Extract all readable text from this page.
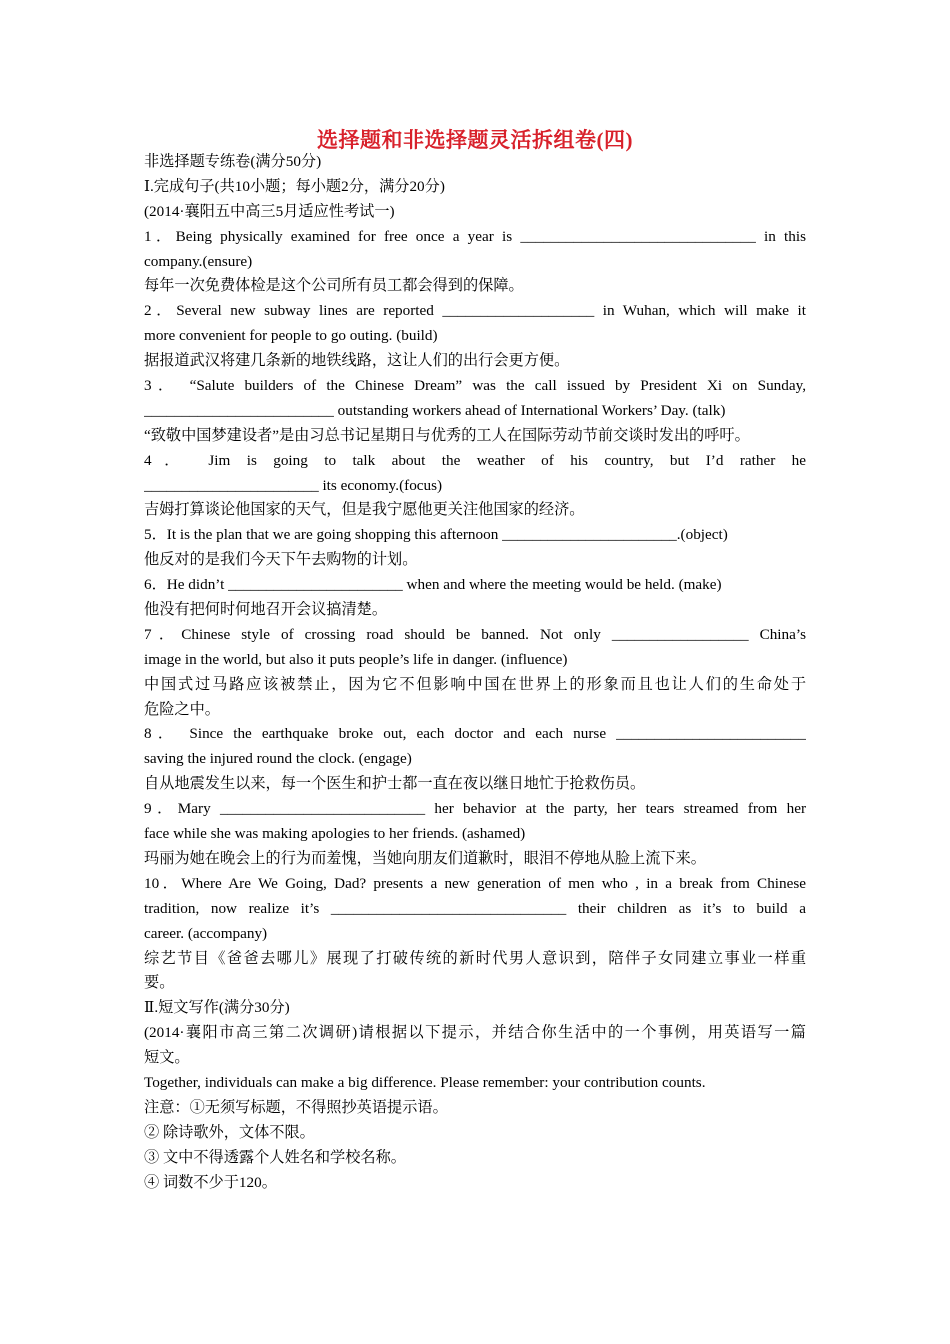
选择题和非选择题灵活拆组卷(四)
非选择题专练卷(满分50分)
Ⅰ.完成句子(共10小题；每小题2分，满分20分)
(2014·襄阳五中高三5月适应性考试一)
1．Being physically examined for free once a year is _______________________________ in this
company.(ensure)
每年一次免费体检是这个公司所有员工都会得到的保障。
2．Several new subway lines are reported ____________________ in Wuhan, which will make it
more convenient for people to go outing. (build)
据报道武汉将建几条新的地铁线路，这让人们的出行会更方便。
3． “Salute builders of the Chinese Dream” was the call issued by President Xi on Sunday,
_________________________ outstanding workers ahead of International Workers’ Day. (talk)
“致敬中国梦建设者”是由习总书记星期日与优秀的工人在国际劳动节前交谈时发出的呼吁。
4． Jim is going to talk about the weather of his country, but I’d rather he
_______________________ its economy.(focus)
吉姆打算谈论他国家的天气，但是我宁愿他更关注他国家的经济。
5．It is the plan that we are going shopping this afternoon _______________________.(object)
他反对的是我们今天下午去购物的计划。
6．He didn’t _______________________ when and where the meeting would be held. (make)
他没有把何时何地召开会议搞清楚。
7．Chinese style of crossing road should be banned. Not only __________________ China’s
image in the world, but also it puts people’s life in danger. (influence)
中国式过马路应该被禁止，因为它不但影响中国在世界上的形象而且也让人们的生命处于
危险之中。
8． Since the earthquake broke out, each doctor and each nurse _________________________
saving the injured round the clock. (engage)
自从地震发生以来，每一个医生和护士都一直在夜以继日地忙于抢救伤员。
9．Mary ___________________________ her behavior at the party, her tears streamed from her
face while she was making apologies to her friends. (ashamed)
玛丽为她在晚会上的行为而羞愧，当她向朋友们道歉时，眼泪不停地从脸上流下来。
10．Where Are We Going, Dad? presents a new generation of men who , in a break from Chinese
tradition, now realize it’s _______________________________ their children as it’s to build a
career. (accompany)
综艺节目《爸爸去哪儿》展现了打破传统的新时代男人意识到，陪伴子女同建立事业一样重
要。
Ⅱ.短文写作(满分30分)
(2014·襄阳市高三第二次调研)请根据以下提示，并结合你生活中的一个事例，用英语写一篇
短文。
Together, individuals can make a big difference. Please remember: your contribution counts.
注意：①无须写标题，不得照抄英语提示语。
② 除诗歌外，文体不限。
③ 文中不得透露个人姓名和学校名称。
④ 词数不少于120。
